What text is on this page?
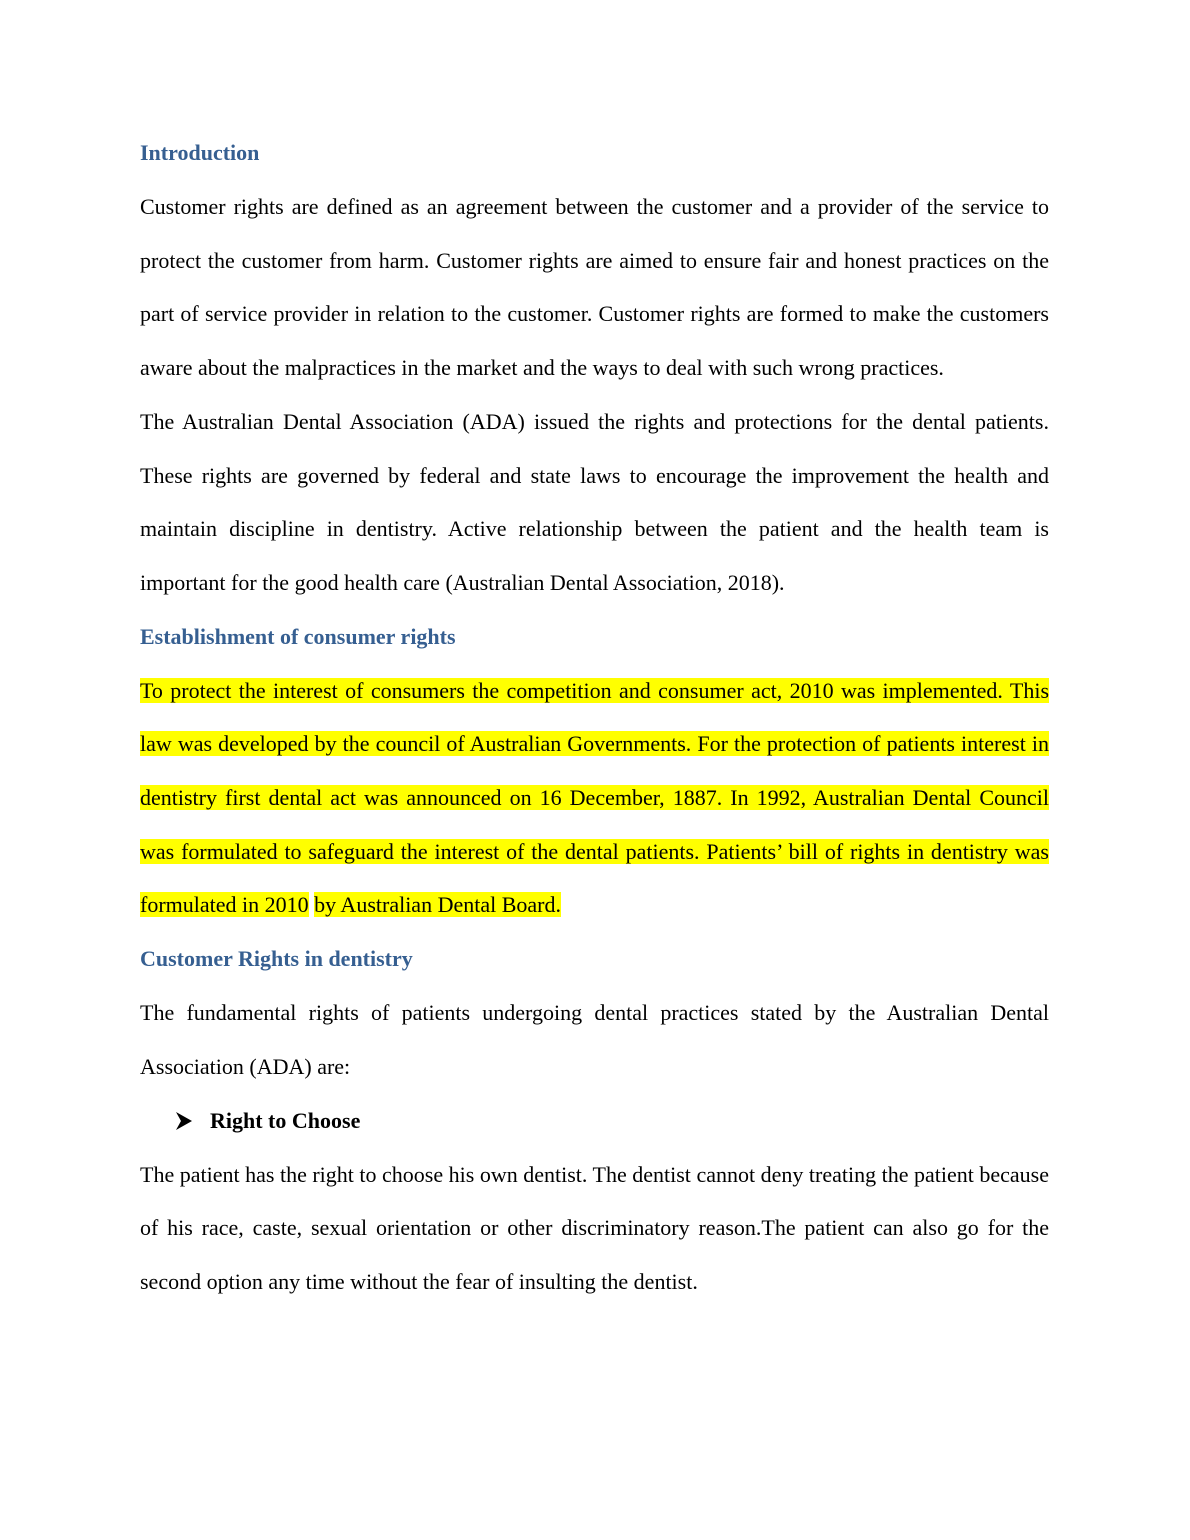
Introduction

Customer rights are defined as an agreement between the customer and a provider of the service to protect the customer from harm. Customer rights are aimed to ensure fair and honest practices on the part of service provider in relation to the customer. Customer rights are formed to make the customers aware about the malpractices in the market and the ways to deal with such wrong practices.

The Australian Dental Association (ADA) issued the rights and protections for the dental patients. These rights are governed by federal and state laws to encourage the improvement the health and maintain discipline in dentistry. Active relationship between the patient and the health team is important for the good health care (Australian Dental Association, 2018).

Establishment of consumer rights

To protect the interest of consumers the competition and consumer act, 2010 was implemented. This law was developed by the council of Australian Governments. For the protection of patients interest in dentistry first dental act was announced on 16 December, 1887. In 1992, Australian Dental Council was formulated to safeguard the interest of the dental patients. Patients’ bill of rights in dentistry was formulated in 2010 by Australian Dental Board.

Customer Rights in dentistry

The fundamental rights of patients undergoing dental practices stated by the Australian Dental Association (ADA) are:

Right to Choose

The patient has the right to choose his own dentist. The dentist cannot deny treating the patient because of his race, caste, sexual orientation or other discriminatory reason.The patient can also go for the second option any time without the fear of insulting the dentist.
